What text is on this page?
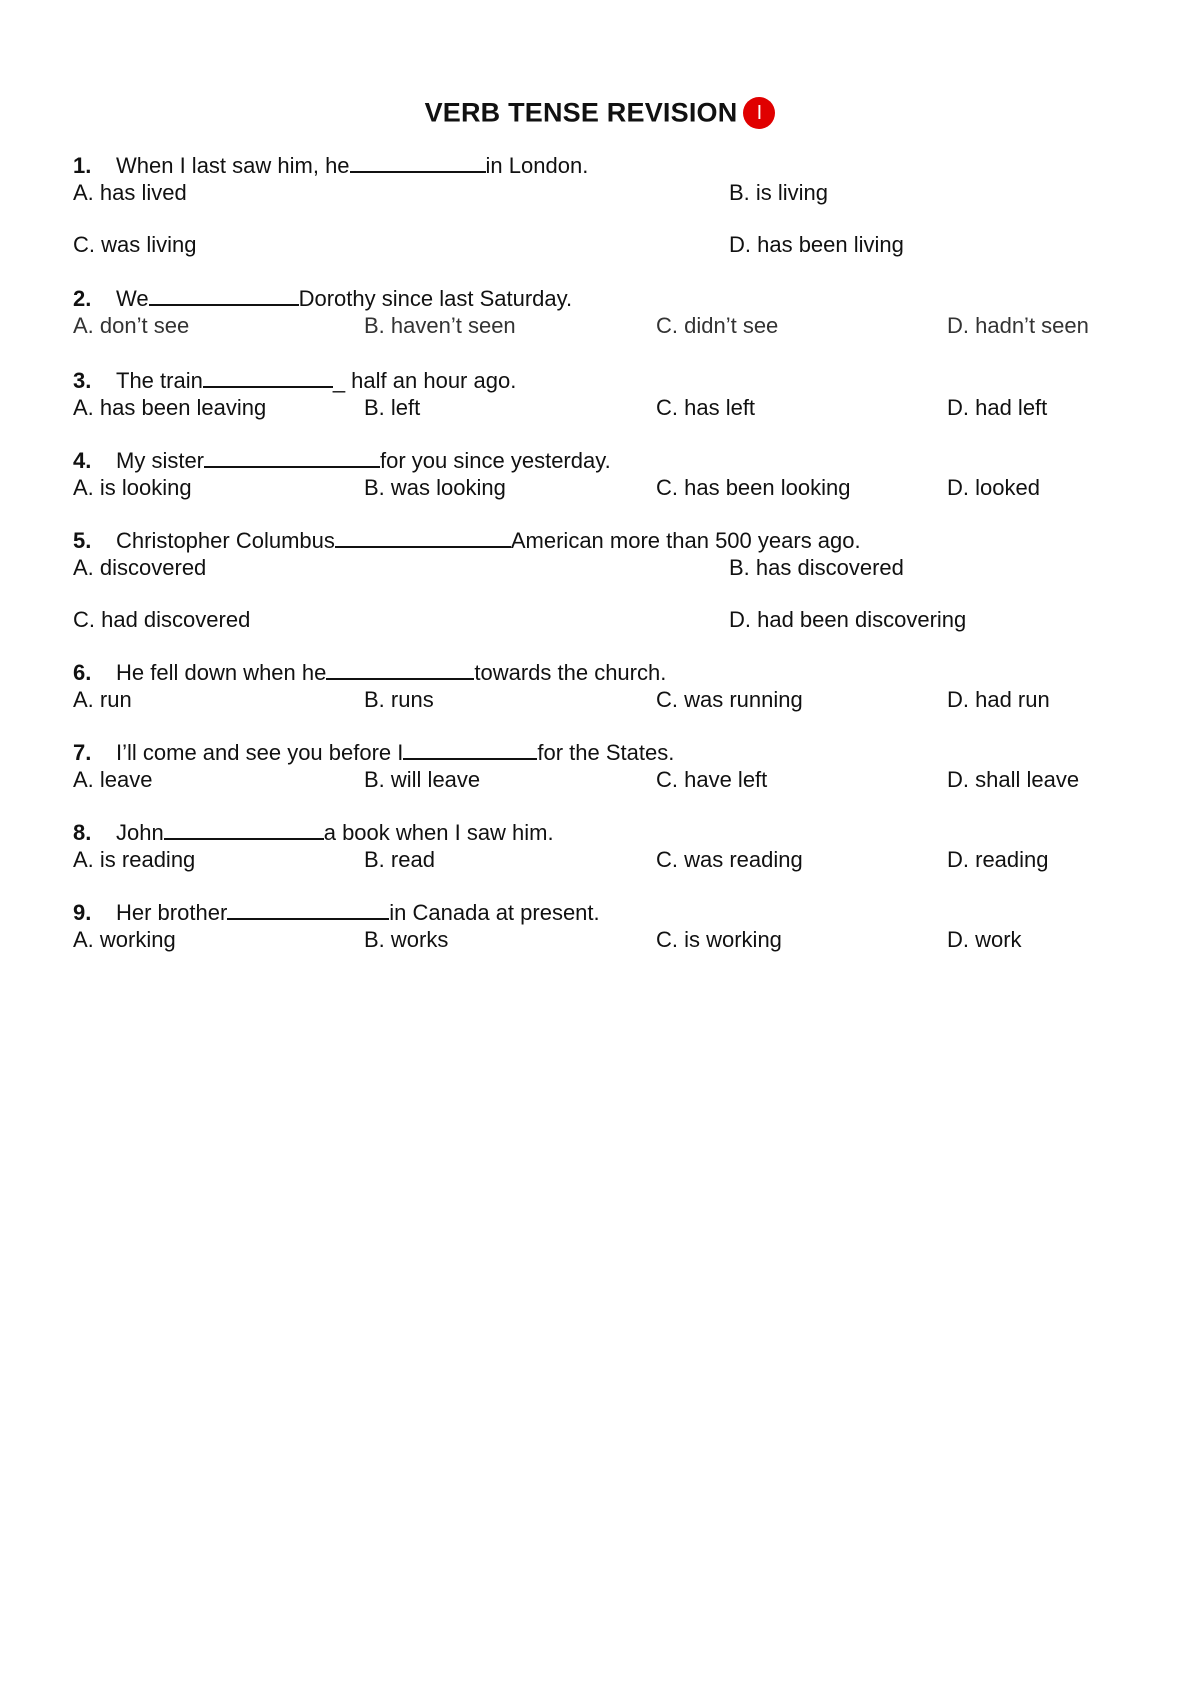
VERB TENSE REVISION I
1. When I last saw him, he	in London.
A. has lived	B. is living
C. was living	D. has been living
2. We	Dorothy since last Saturday.
A. don’t see	B. haven’t seen	C. didn’t see	D. hadn’t seen
3. The train	_ half an hour ago.
A. has been leaving	B. left	C. has left	D. had left
4. My sister	for you since yesterday.
A. is looking	B. was looking	C. has been looking	D. looked
5. Christopher Columbus	American more than 500 years ago.
A. discovered	B. has discovered
C. had discovered	D. had been discovering
6. He fell down when he	towards the church.
A. run	B. runs	C. was running	D. had run
7. I’ll come and see you before I	for the States.
A. leave	B. will leave	C. have left	D. shall leave
8. John	a book when I saw him.
A. is reading	B. read	C. was reading	D. reading
9. Her brother	in Canada at present.
A. working	B. works	C. is working	D. work
